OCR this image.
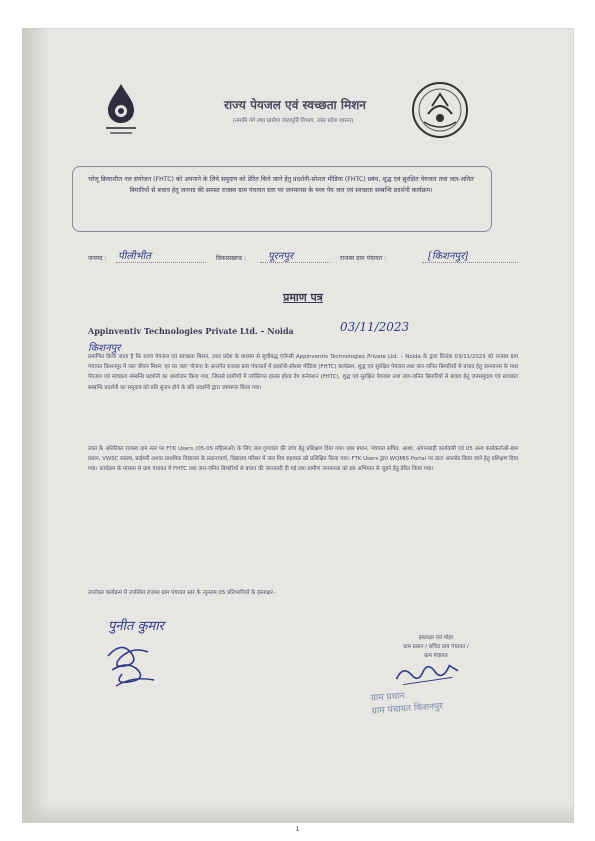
राज्य पेयजल एवं स्वच्छता मिशन
(नमामि गंगे तथा ग्रामीण जलापूर्ति विभाग, उत्तर प्रदेश शासन)
घरेलू क्रियाशील नल संयोजन (FHTC) को अपनाने के लिये समुदाय को प्रेरित किये जाने हेतु प्रदर्शनी-सोशल मीडिया (FHTC) प्रबंध, शुद्ध एवं सुरक्षित पेयजल तथा जल-जनित बिमारियों से बचाव हेतु जनपद की समस्त राजस्व ग्राम पंचायत स्तर पर जनमानस के मध्य पेय जल एवं स्वच्छता सम्बन्धि प्रदर्शनी कार्यक्रम।
जनपद : पीलीभीत	विकासखण्ड : पूरनपुर	राजस्व ग्राम पंचायत :	[किशनपुर]
प्रमाण पत्र
Appinventiv Technologies Private Ltd. – Noida	03/11/2023
किशनपुर
प्रमाणित किया जाता है कि राज्य पेयजल एवं स्वच्छता मिशन, उत्तर प्रदेश के माध्यम से सूचीबद्ध एजेन्सी Appinventiv Technologies Private Ltd. – Noida के द्वारा दिनांक 03/11/2023 को राजस्व ग्राम पंचायत किशनपुर में जल जीवन मिशन 'हर घर जल' योजना के अन्तर्गत राजस्व ग्राम पंचायतों में प्रदर्शनी-सोशल मीडिया (FHTC) कार्यक्रम, शुद्ध एवं सुरक्षित पेयजल तथा जल-जनित बिमारियों से बचाव हेतु जनमानस के मध्य पेयजल एवं स्वच्छता सम्बन्धि प्रदर्शनी का आयोजन किया गया, जिससे ग्रामीणों में व्यक्तिगत हाउस होल्ड टैप कनेक्शन (FHTC), शुद्ध एवं सुरक्षित पेयजल तथा जल-जनित बिमारियों से बचाव हेतु जनसमुदाय एवं स्वच्छता सम्बन्धि प्रदर्शनी का समुदाय को प्रति सुजन होने के प्रति प्रदर्शनी द्वारा जागरूक किया गया।
उक्त के अतिरिक्त राजस्व ग्राम स्तर पर FTK Users (05-05 महिलाओं) के लिए जल गुणवत्ता की जांच हेतु प्रशिक्षण दिया गया। ग्राम प्रधान, पंचायत सचिव, आशा, आंगनबाड़ी कार्यकत्री एवं 05 अन्य कार्यकर्ताओं-ग्राम प्रधान, VWSC सदस्य, प्राईमरी अथवा प्राथमिक विद्यालय के प्रधानाचार्य, विद्यालय परिसर में जल मित्र सहायक को प्रशिक्षित किया गया। FTK Users द्वारा WQMIS Portal पर डाटा अपलोड किया जाने हेतु प्रशिक्षण दिया गया। कार्यक्रम के माध्यम से ग्राम पंचायत में FHTC तथा जल-जनित बिमारियों से बचाव की जानकारी दी गई तथा ग्रामीण जनमानस को इस अभियान से जुड़ने हेतु प्रेरित किया गया।
उपरोक्त कार्यक्रम में उपस्थित राजस्व ग्राम पंचायत स्तर के न्यूनतम 05 प्रतिभागियों के हस्ताक्षर–
पुनीत कुमार
हस्ताक्षर एवं मोहर
ग्राम प्रधान / सचिव ग्राम पंचायत /
ग्राम पंचायत
ग्राम प्रधान
ग्राम पंचायत किशनपुर
1
